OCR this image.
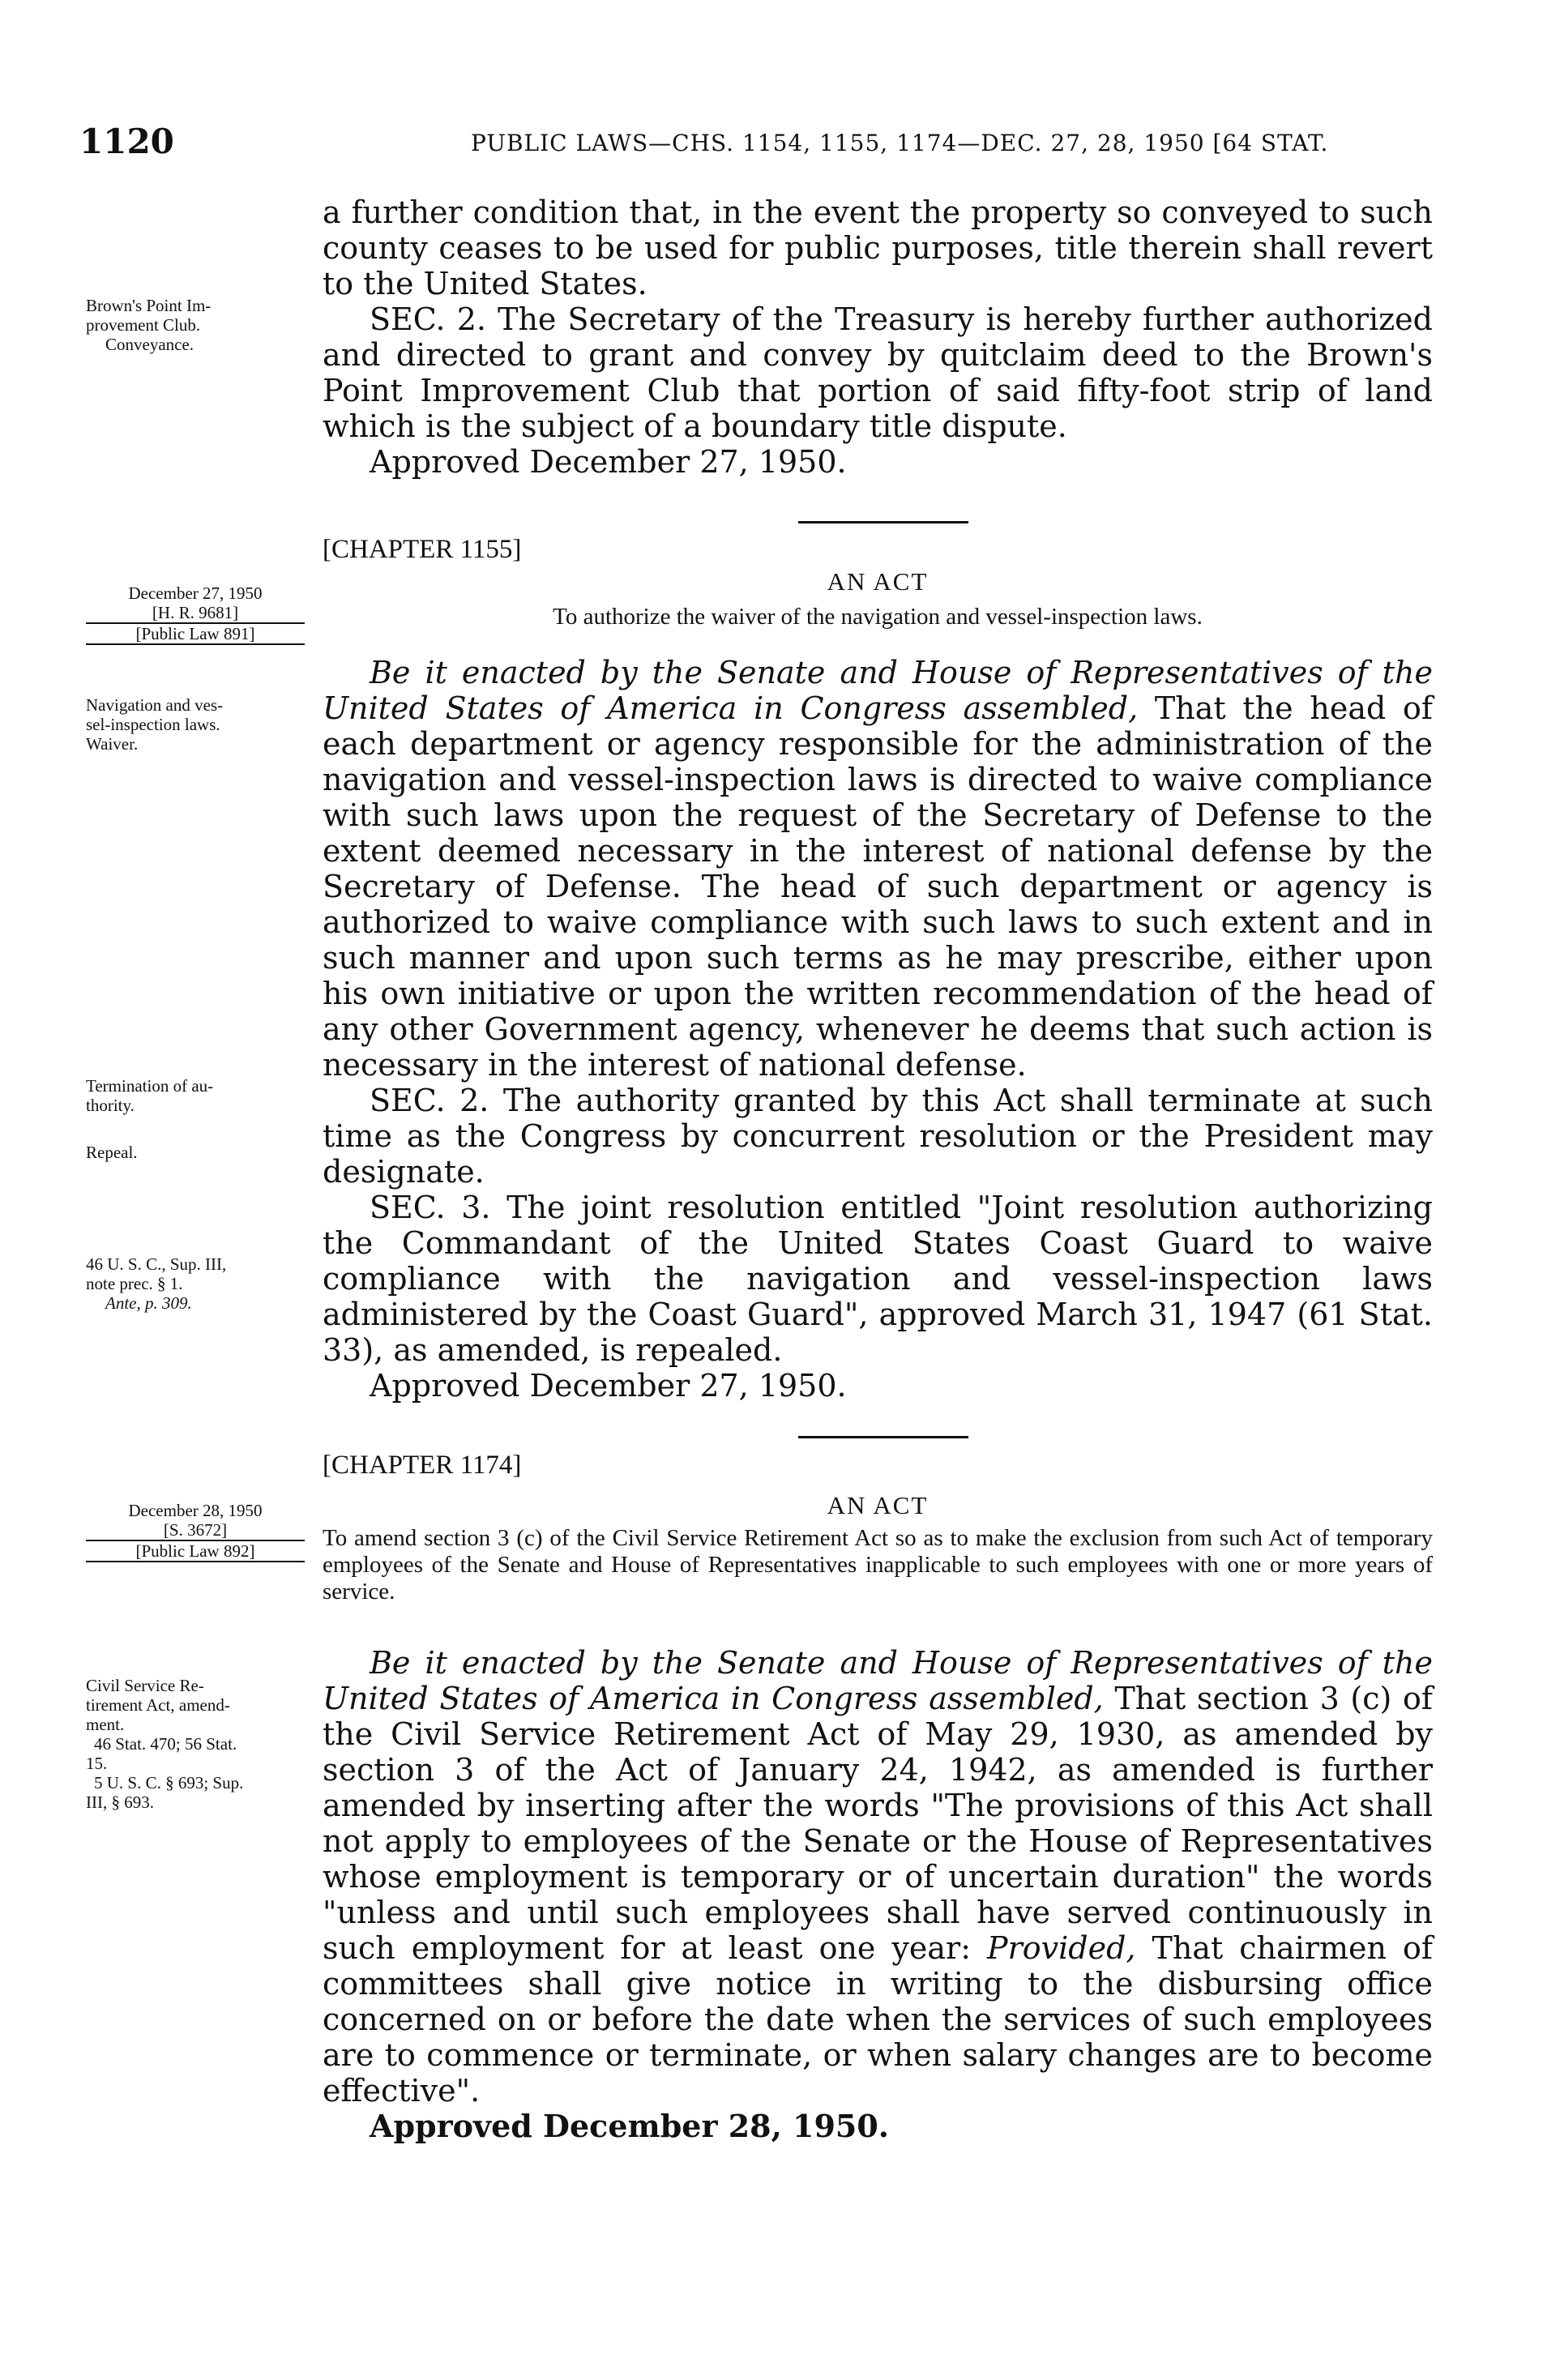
1120	PUBLIC LAWS—CHS. 1154, 1155, 1174—DEC. 27, 28, 1950 [64 STAT.

a further condition that, in the event the property so conveyed to such county ceases to be used for public purposes, title therein shall revert to the United States.

SEC. 2. The Secretary of the Treasury is hereby further authorized and directed to grant and convey by quitclaim deed to the Brown's Point Improvement Club that portion of said fifty-foot strip of land which is the subject of a boundary title dispute.

Approved December 27, 1950.

Brown's Point Im-
provement Club.
Conveyance.
[CHAPTER 1155]
AN ACT
To authorize the waiver of the navigation and vessel-inspection laws.
December 27, 1950
[H. R. 9681]
[Public Law 891]

Be it enacted by the Senate and House of Representatives of the United States of America in Congress assembled, That the head of each department or agency responsible for the administration of the navigation and vessel-inspection laws is directed to waive compliance with such laws upon the request of the Secretary of Defense to the extent deemed necessary in the interest of national defense by the Secretary of Defense. The head of such department or agency is authorized to waive compliance with such laws to such extent and in such manner and upon such terms as he may prescribe, either upon his own initiative or upon the written recommendation of the head of any other Government agency, whenever he deems that such action is necessary in the interest of national defense.

SEC. 2. The authority granted by this Act shall terminate at such time as the Congress by concurrent resolution or the President may designate.

SEC. 3. The joint resolution entitled "Joint resolution authorizing the Commandant of the United States Coast Guard to waive compliance with the navigation and vessel-inspection laws administered by the Coast Guard", approved March 31, 1947 (61 Stat. 33), as amended, is repealed.

Approved December 27, 1950.

Navigation and ves-
sel-inspection laws.
Waiver.
Termination of au-
thority.
Repeal.
46 U. S. C., Sup. III,
note prec. § 1.
Ante, p. 309.
[CHAPTER 1174]
AN ACT
To amend section 3 (c) of the Civil Service Retirement Act so as to make the exclusion from such Act of temporary employees of the Senate and House of Representatives inapplicable to such employees with one or more years of service.
December 28, 1950
[S. 3672]
[Public Law 892]

Be it enacted by the Senate and House of Representatives of the United States of America in Congress assembled, That section 3 (c) of the Civil Service Retirement Act of May 29, 1930, as amended by section 3 of the Act of January 24, 1942, as amended is further amended by inserting after the words "The provisions of this Act shall not apply to employees of the Senate or the House of Representatives whose employment is temporary or of uncertain duration" the words "unless and until such employees shall have served continuously in such employment for at least one year: Provided, That chairmen of committees shall give notice in writing to the disbursing office concerned on or before the date when the services of such employees are to commence or terminate, or when salary changes are to become effective".

Approved December 28, 1950.

Civil Service Re-
tirement Act, amend-
ment.
46 Stat. 470; 56 Stat.
15.
5 U. S. C. § 693; Sup.
III, § 693.
